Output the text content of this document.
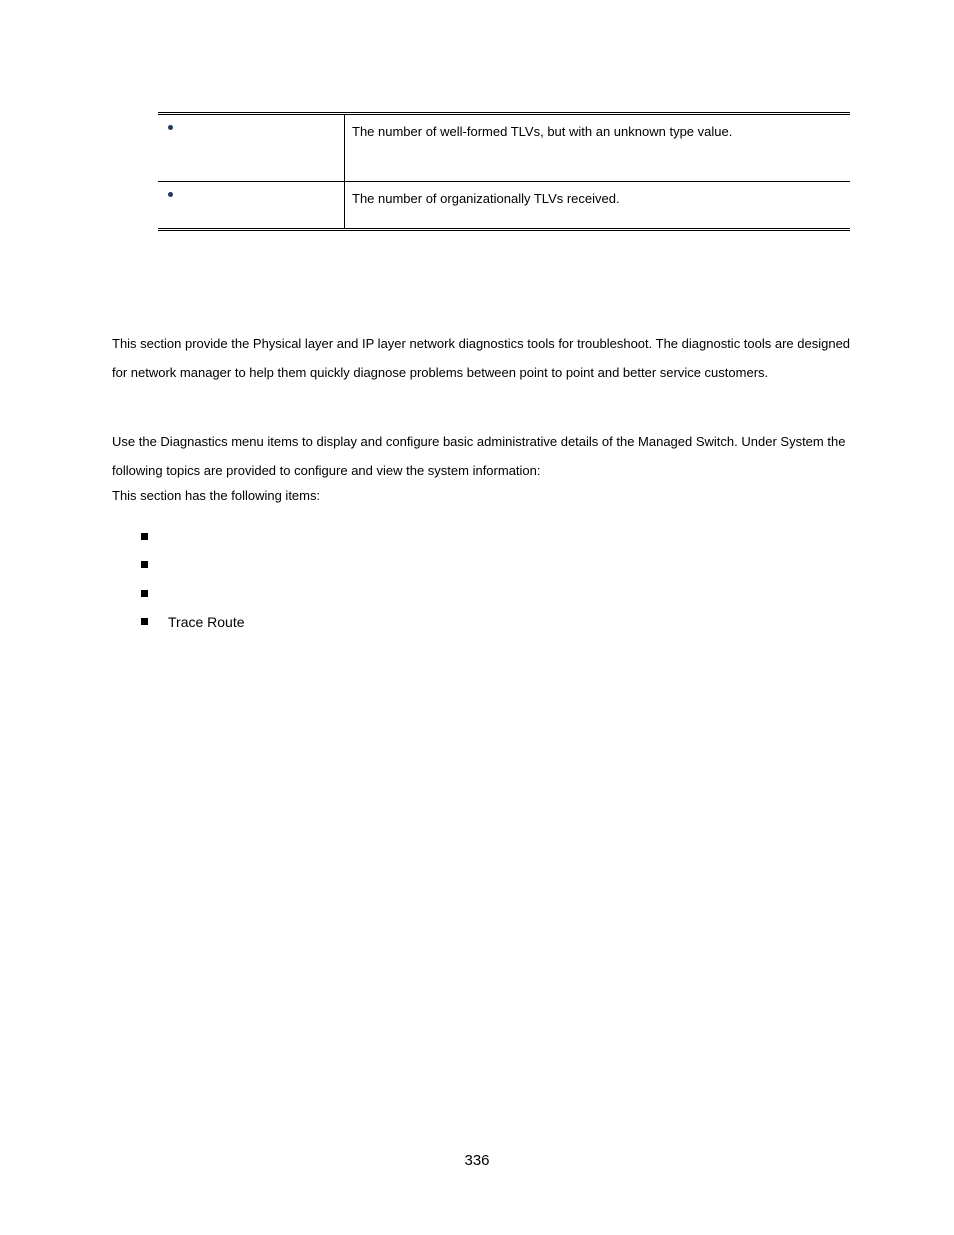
	The number of well-formed TLVs, but with an unknown type value.

	The number of organizationally TLVs received.

This section provide the Physical layer and IP layer network diagnostics tools for troubleshoot. The diagnostic tools are designed for network manager to help them quickly diagnose problems between point to point and better service customers.

Use the Diagnastics menu items to display and configure basic administrative details of the Managed Switch. Under System the following topics are provided to configure and view the system information:

This section has the following items:

Trace Route
336
